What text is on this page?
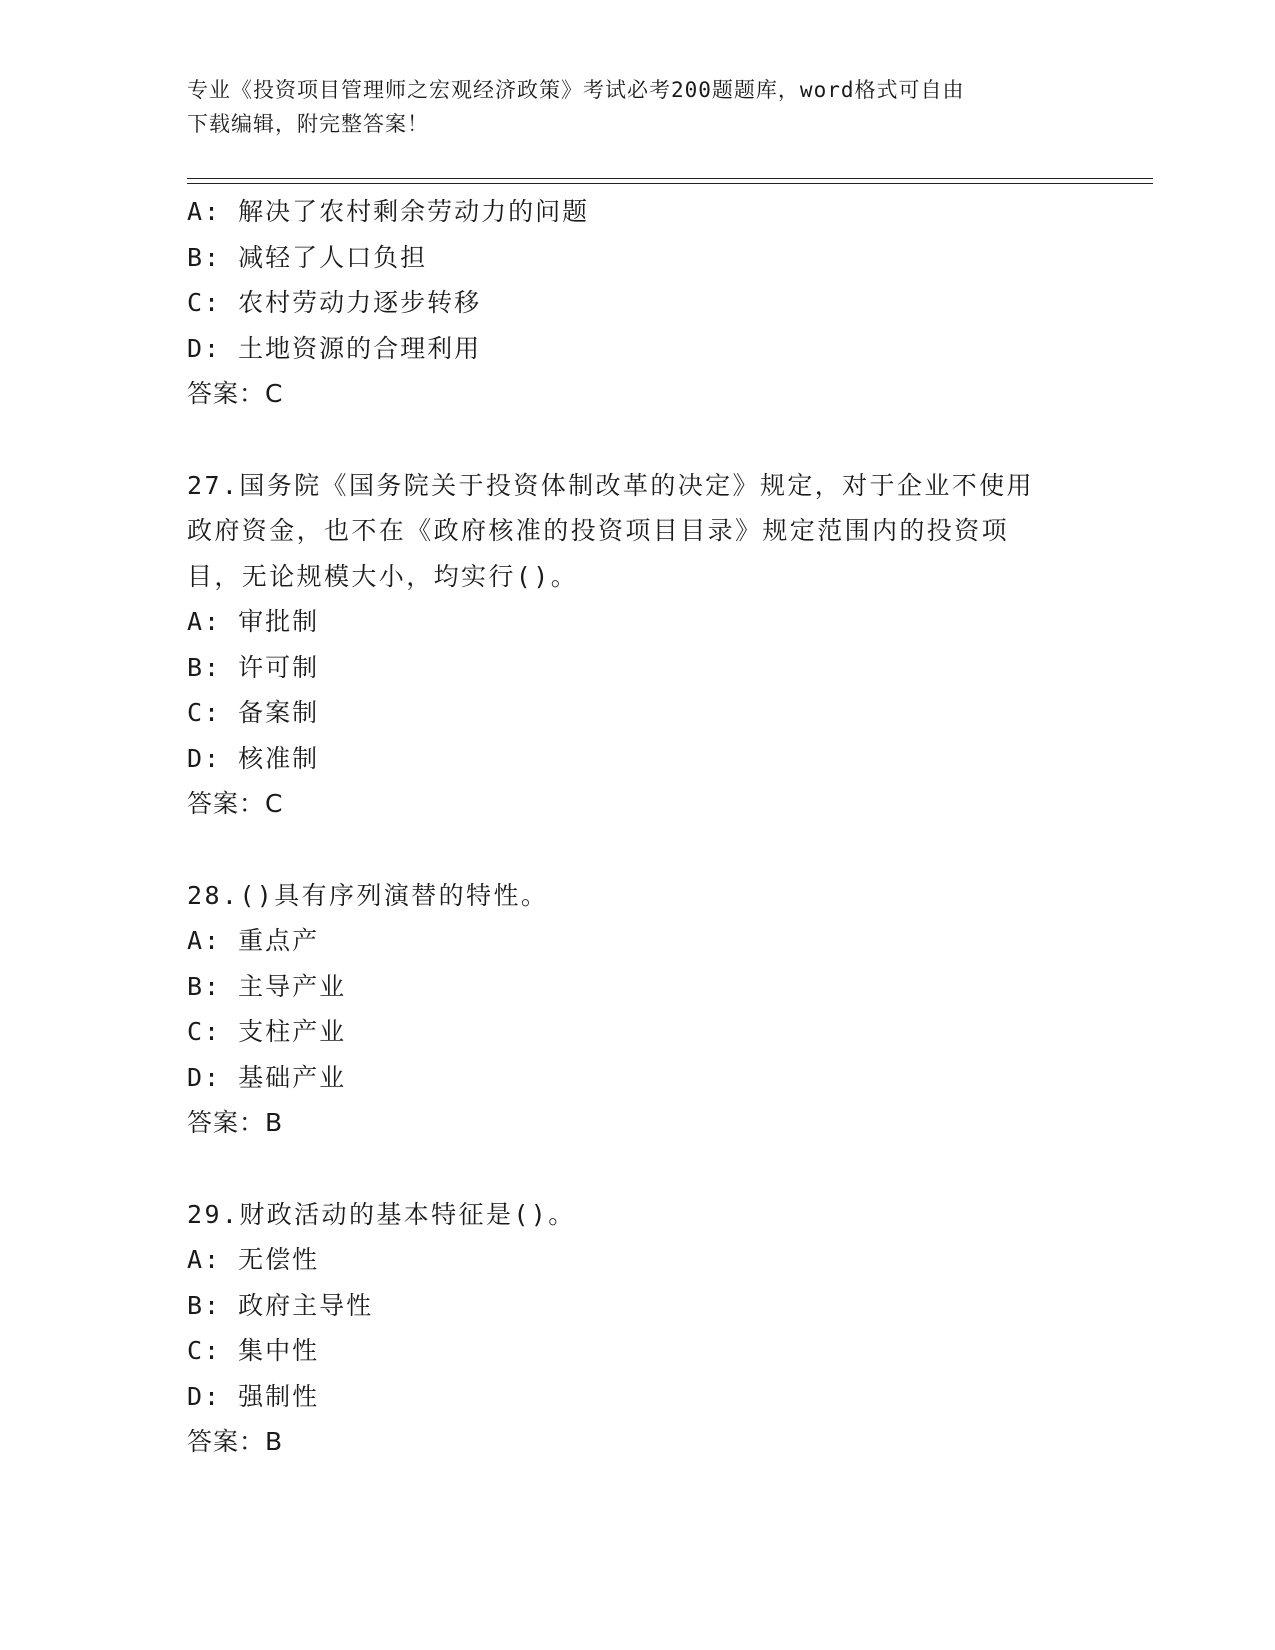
专业《投资项目管理师之宏观经济政策》考试必考200题题库，word格式可自由
下载编辑，附完整答案！
A: 解决了农村剩余劳动力的问题
B: 减轻了人口负担
C: 农村劳动力逐步转移
D: 土地资源的合理利用
答案：C
27.国务院《国务院关于投资体制改革的决定》规定，对于企业不使用
政府资金，也不在《政府核准的投资项目目录》规定范围内的投资项
目，无论规模大小，均实行()。
A: 审批制
B: 许可制
C: 备案制
D: 核准制
答案：C
28.()具有序列演替的特性。
A: 重点产
B: 主导产业
C: 支柱产业
D: 基础产业
答案：B
29.财政活动的基本特征是()。
A: 无偿性
B: 政府主导性
C: 集中性
D: 强制性
答案：B
